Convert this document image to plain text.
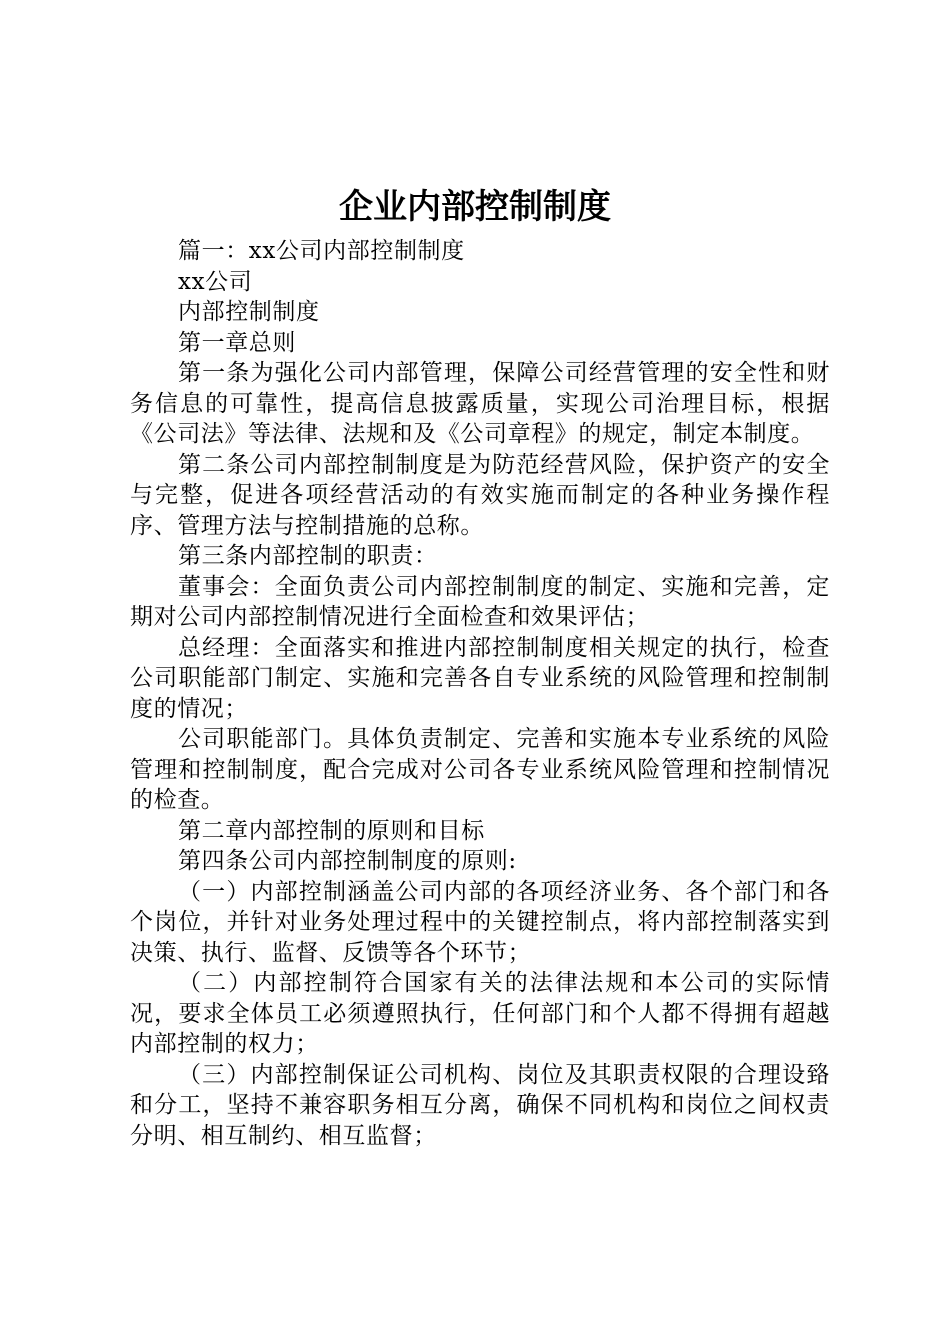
企业内部控制制度

篇一：xx公司内部控制制度

xx公司

内部控制制度

第一章总则

第一条为强化公司内部管理，保障公司经营管理的安全性和财务信息的可靠性，提高信息披露质量，实现公司治理目标，根据《公司法》等法律、法规和及《公司章程》的规定，制定本制度。

第二条公司内部控制制度是为防范经营风险，保护资产的安全与完整，促进各项经营活动的有效实施而制定的各种业务操作程序、管理方法与控制措施的总称。

第三条内部控制的职责：

董事会：全面负责公司内部控制制度的制定、实施和完善，定期对公司内部控制情况进行全面检查和效果评估；

总经理：全面落实和推进内部控制制度相关规定的执行，检查公司职能部门制定、实施和完善各自专业系统的风险管理和控制制度的情况；

公司职能部门。具体负责制定、完善和实施本专业系统的风险管理和控制制度，配合完成对公司各专业系统风险管理和控制情况的检查。

第二章内部控制的原则和目标

第四条公司内部控制制度的原则:

（一）内部控制涵盖公司内部的各项经济业务、各个部门和各个岗位，并针对业务处理过程中的关键控制点，将内部控制落实到决策、执行、监督、反馈等各个环节；

（二）内部控制符合国家有关的法律法规和本公司的实际情况，要求全体员工必须遵照执行，任何部门和个人都不得拥有超越内部控制的权力；

（三）内部控制保证公司机构、岗位及其职责权限的合理设臵和分工，坚持不兼容职务相互分离，确保不同机构和岗位之间权责分明、相互制约、相互监督；
